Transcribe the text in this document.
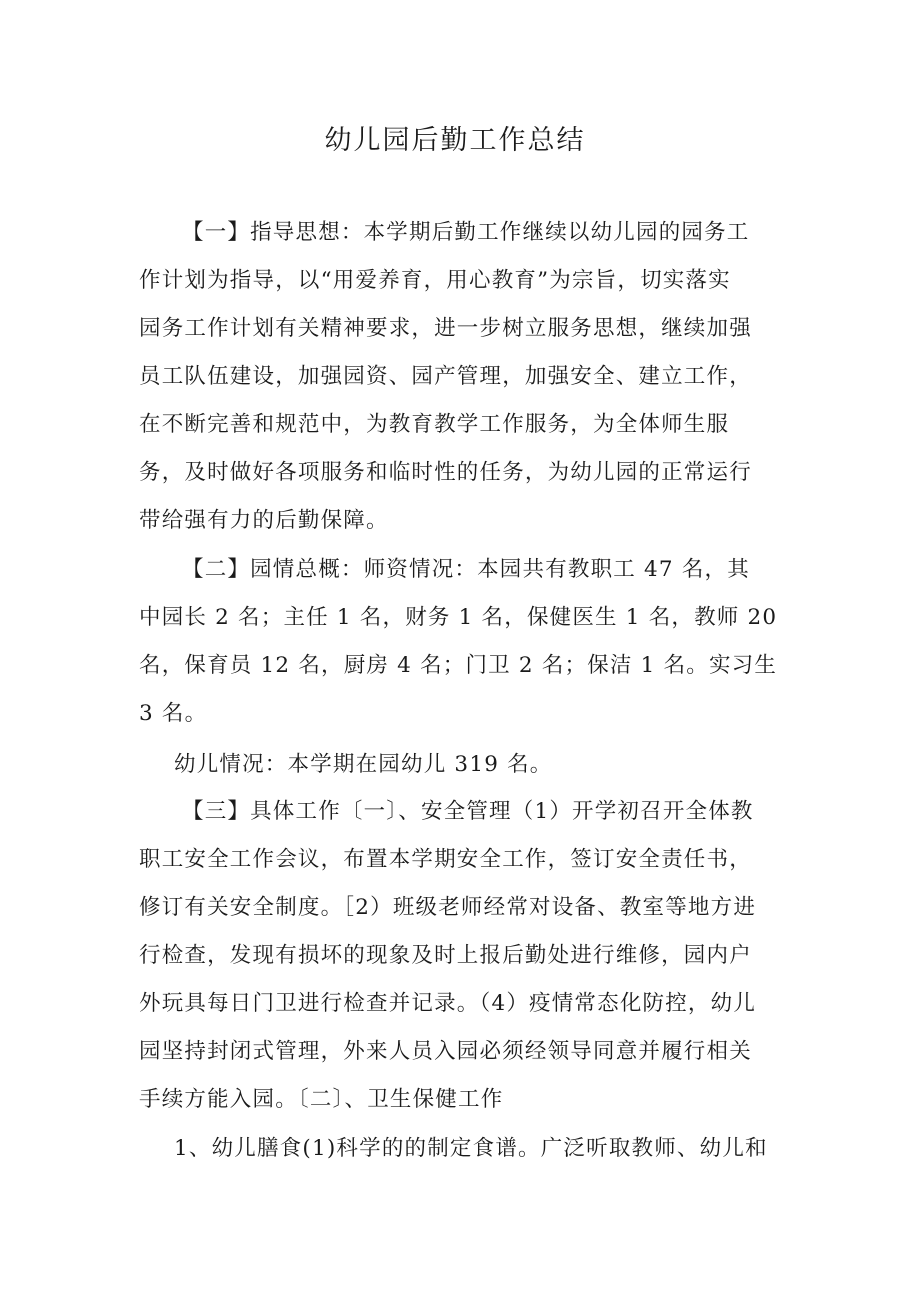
幼儿园后勤工作总结
【一】指导思想：本学期后勤工作继续以幼儿园的园务工
作计划为指导，以“用爱养育，用心教育”为宗旨，切实落实
园务工作计划有关精神要求，进一步树立服务思想，继续加强
员工队伍建设，加强园资、园产管理，加强安全、建立工作，
在不断完善和规范中，为教育教学工作服务，为全体师生服
务，及时做好各项服务和临时性的任务，为幼儿园的正常运行
带给强有力的后勤保障。
【二】园情总概：师资情况：本园共有教职工 47 名，其
中园长 2 名；主任 1 名，财务 1 名，保健医生 1 名，教师 20
名，保育员 12 名，厨房 4 名；门卫 2 名；保洁 1 名。实习生
3 名。
幼儿情况：本学期在园幼儿 319 名。
【三】具体工作〔一〕、安全管理（1）开学初召开全体教
职工安全工作会议，布置本学期安全工作，签订安全责任书，
修订有关安全制度。［2）班级老师经常对设备、教室等地方进
行检查，发现有损坏的现象及时上报后勤处进行维修，园内户
外玩具每日门卫进行检查并记录。（4）疫情常态化防控，幼儿
园坚持封闭式管理，外来人员入园必须经领导同意并履行相关
手续方能入园。〔二〕、卫生保健工作
1、幼儿膳食(1)科学的的制定食谱。广泛听取教师、幼儿和
